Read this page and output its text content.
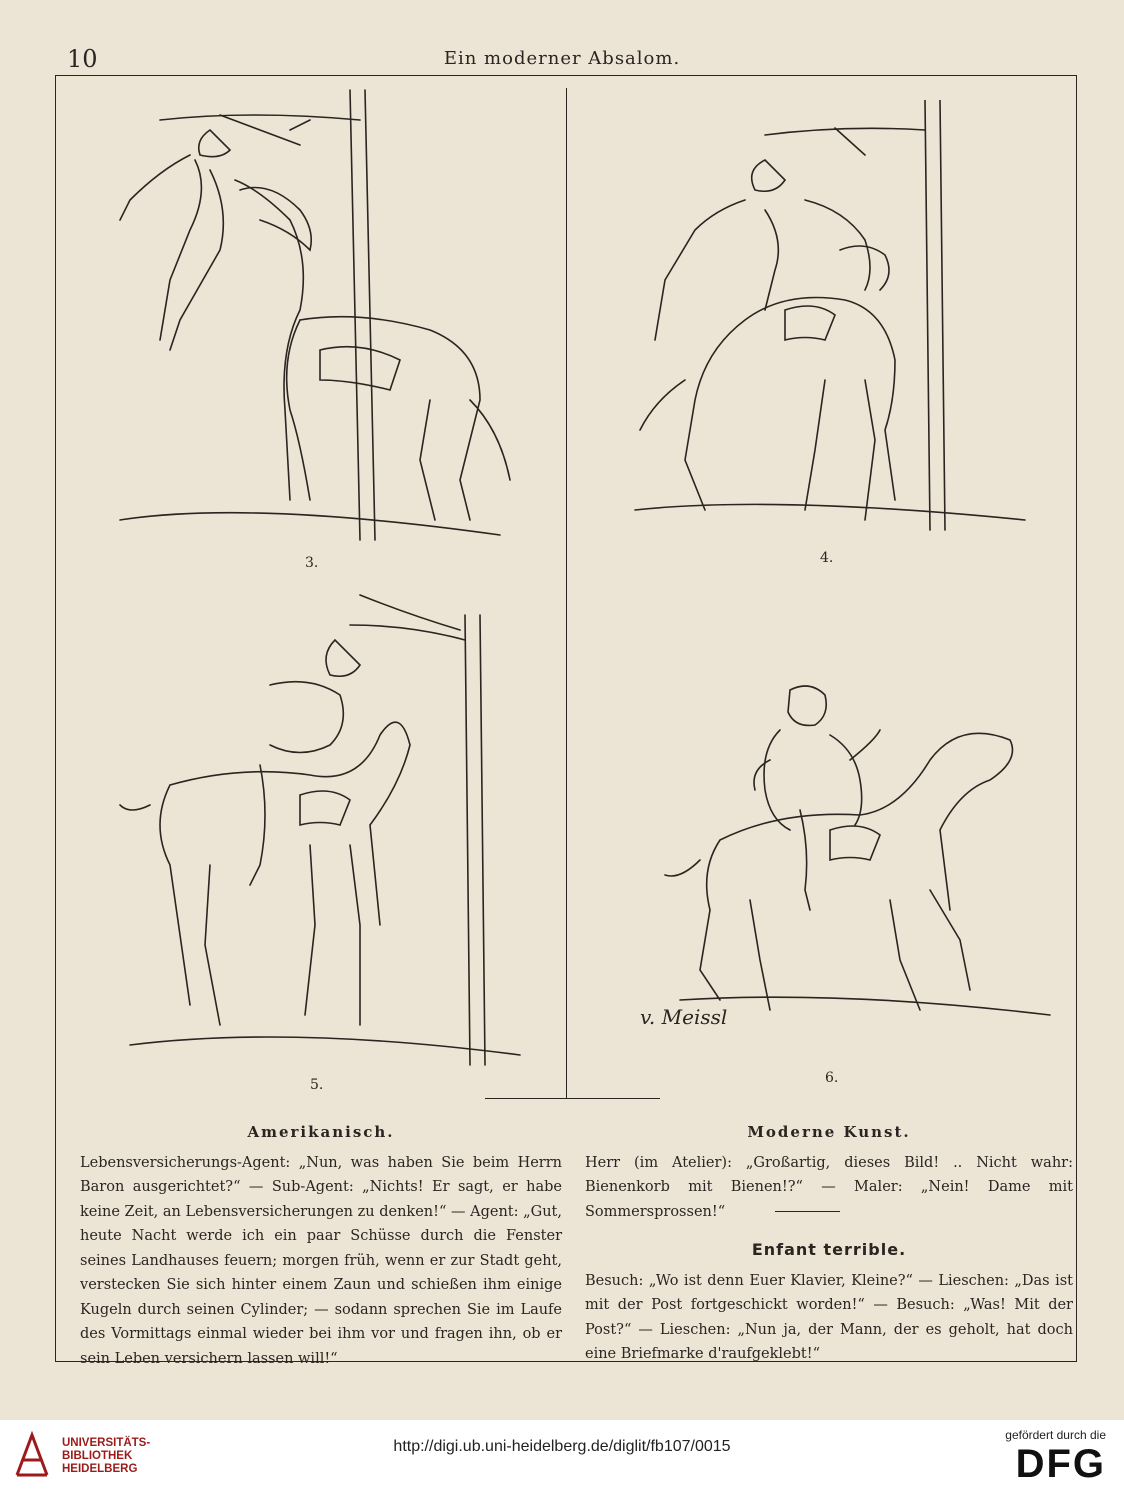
10	Ein moderner Absalom.
3.	4.
5.	6.
v. Meissl
Amerikanisch.

Lebensversicherungs-Agent: „Nun, was haben Sie beim Herrn Baron ausgerichtet?“ — Sub-Agent: „Nichts! Er sagt, er habe keine Zeit, an Lebensversicherungen zu denken!“ — Agent: „Gut, heute Nacht werde ich ein paar Schüsse durch die Fenster seines Landhauses feuern; morgen früh, wenn er zur Stadt geht, verstecken Sie sich hinter einem Zaun und schießen ihm einige Kugeln durch seinen Cylinder; — sodann sprechen Sie im Laufe des Vormittags einmal wieder bei ihm vor und fragen ihn, ob er sein Leben versichern lassen will!“

Moderne Kunst.

Herr (im Atelier): „Großartig, dieses Bild! .. Nicht wahr: Bienenkorb mit Bienen!?“ — Maler: „Nein! Dame mit Sommersprossen!“

Enfant terrible.

Besuch: „Wo ist denn Euer Klavier, Kleine?“ — Lieschen: „Das ist mit der Post fortgeschickt worden!“ — Besuch: „Was! Mit der Post?“ — Lieschen: „Nun ja, der Mann, der es geholt, hat doch eine Briefmarke d'raufgeklebt!“

UNIVERSITÄTS-
BIBLIOTHEK
HEIDELBERG
http://digi.ub.uni-heidelberg.de/diglit/fb107/0015
gefördert durch die
DFG
